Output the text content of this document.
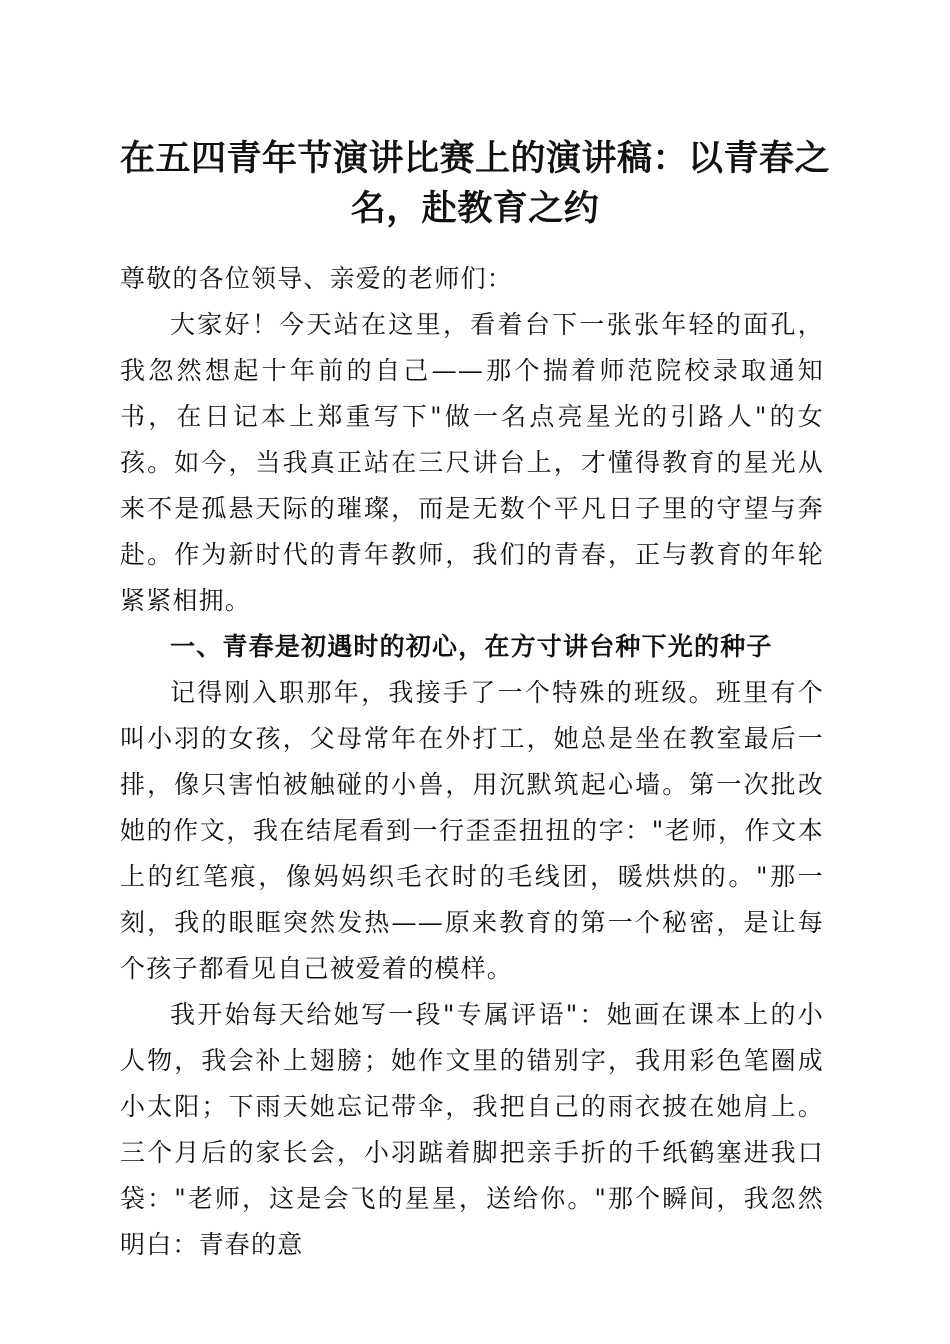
在五四青年节演讲比赛上的演讲稿：以青春之名，赴教育之约

尊敬的各位领导、亲爱的老师们：

大家好！今天站在这里，看着台下一张张年轻的面孔，我忽然想起十年前的自己——那个揣着师范院校录取通知书，在日记本上郑重写下"做一名点亮星光的引路人"的女孩。如今，当我真正站在三尺讲台上，才懂得教育的星光从来不是孤悬天际的璀璨，而是无数个平凡日子里的守望与奔赴。作为新时代的青年教师，我们的青春，正与教育的年轮紧紧相拥。

一、青春是初遇时的初心，在方寸讲台种下光的种子

记得刚入职那年，我接手了一个特殊的班级。班里有个叫小羽的女孩，父母常年在外打工，她总是坐在教室最后一排，像只害怕被触碰的小兽，用沉默筑起心墙。第一次批改她的作文，我在结尾看到一行歪歪扭扭的字："老师，作文本上的红笔痕，像妈妈织毛衣时的毛线团，暖烘烘的。"那一刻，我的眼眶突然发热——原来教育的第一个秘密，是让每个孩子都看见自己被爱着的模样。

我开始每天给她写一段"专属评语"：她画在课本上的小人物，我会补上翅膀；她作文里的错别字，我用彩色笔圈成小太阳；下雨天她忘记带伞，我把自己的雨衣披在她肩上。三个月后的家长会，小羽踮着脚把亲手折的千纸鹤塞进我口袋："老师，这是会飞的星星，送给你。"那个瞬间，我忽然明白：青春的意
